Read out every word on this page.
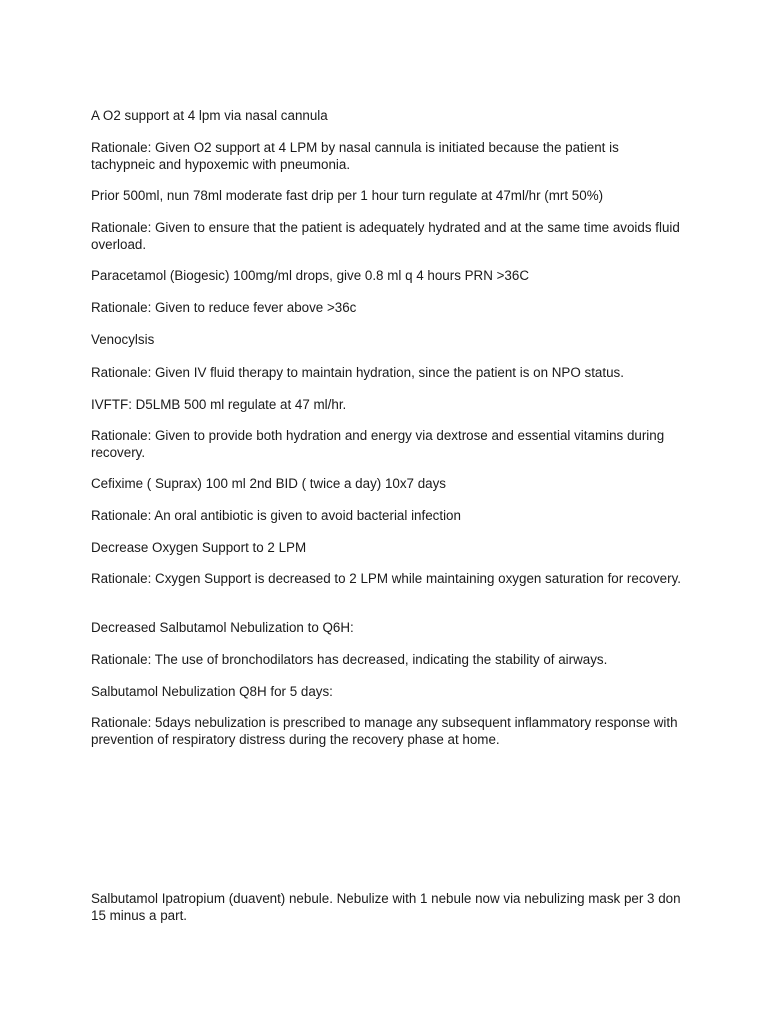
A O2 support at 4 lpm via nasal cannula

Rationale: Given O2 support at 4 LPM by nasal cannula is initiated because the patient is tachypneic and hypoxemic with pneumonia.

Prior 500ml, nun 78ml moderate fast drip per 1 hour turn regulate at 47ml/hr (mrt 50%)

Rationale: Given to ensure that the patient is adequately hydrated and at the same time avoids fluid overload.

Paracetamol (Biogesic) 100mg/ml drops, give 0.8 ml q 4 hours PRN >36C

Rationale: Given to reduce fever above >36c

Venocylsis

Rationale: Given IV fluid therapy to maintain hydration, since the patient is on NPO status.

IVFTF: D5LMB 500 ml regulate at 47 ml/hr.

Rationale: Given to provide both hydration and energy via dextrose and essential vitamins during recovery.

Cefixime ( Suprax) 100 ml 2nd BID ( twice a day) 10x7 days

Rationale: An oral antibiotic is given to avoid bacterial infection

Decrease Oxygen Support to 2 LPM

Rationale: Cxygen Support is decreased to 2 LPM while maintaining oxygen saturation for recovery.

Decreased Salbutamol Nebulization to Q6H:

Rationale: The use of bronchodilators has decreased, indicating the stability of airways.

Salbutamol Nebulization Q8H for 5 days:

Rationale: 5days nebulization is prescribed to manage any subsequent inflammatory response with prevention of respiratory distress during the recovery phase at home.

Salbutamol Ipatropium (duavent) nebule. Nebulize with 1 nebule now via nebulizing mask per 3 don 15 minus a part.
